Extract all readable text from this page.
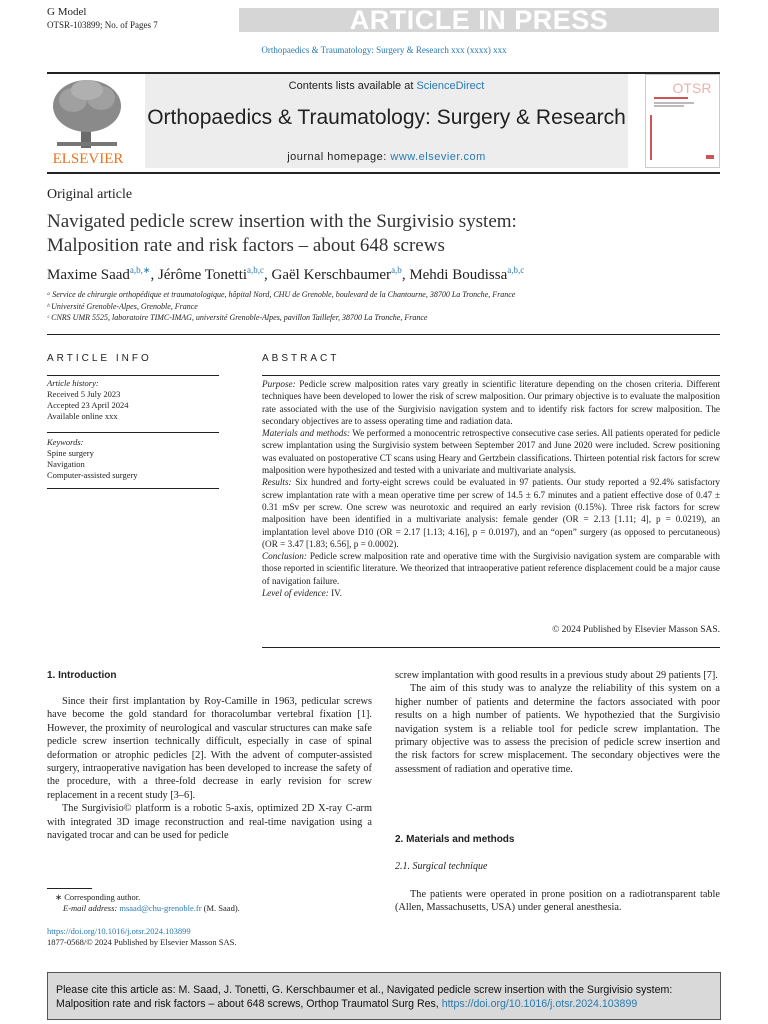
G Model
OTSR-103899; No. of Pages 7	ARTICLE IN PRESS
Orthopaedics & Traumatology: Surgery & Research xxx (xxxx) xxx
ELSEVIER
Contents lists available at ScienceDirect
Orthopaedics & Traumatology: Surgery & Research
journal homepage: www.elsevier.com
OTSR
Original article
Navigated pedicle screw insertion with the Surgivisio system:
Malposition rate and risk factors – about 648 screws
Maxime Saad$^{a,b,∗}$, Jérôme Tonetti$^{a,b,c}$, Gaël Kerschbaumer$^{a,b}$, Mehdi Boudissa$^{a,b,c}$
ᵃ Service de chirurgie orthopédique et traumatologique, hôpital Nord, CHU de Grenoble, boulevard de la Chantourne, 38700 La Tronche, France
ᵇ Université Grenoble-Alpes, Grenoble, France
ᶜ CNRS UMR 5525, laboratoire TIMC-IMAG, université Grenoble-Alpes, pavillon Taillefer, 38700 La Tronche, France
ARTICLE INFO	ABSTRACT
Article history:
Received 5 July 2023
Accepted 23 April 2024
Available online xxx
Keywords:
Spine surgery
Navigation
Computer-assisted surgery

Purpose: Pedicle screw malposition rates vary greatly in scientific literature depending on the chosen criteria. Different techniques have been developed to lower the risk of screw malposition. Our primary objective is to evaluate the malposition rate associated with the use of the Surgivisio navigation system and to identify risk factors for screw malposition. The secondary objectives are to assess operating time and radiation data.

Materials and methods: We performed a monocentric retrospective consecutive case series. All patients operated for pedicle screw implantation using the Surgivisio system between September 2017 and June 2020 were included. Screw positioning was evaluated on postoperative CT scans using Heary and Gertzbein classifications. Thirteen potential risk factors for screw malposition were hypothesized and tested with a univariate and multivariate analysis.

Results: Six hundred and forty-eight screws could be evaluated in 97 patients. Our study reported a 92.4% satisfactory screw implantation rate with a mean operative time per screw of 14.5 ± 6.7 minutes and a patient effective dose of 0.47 ± 0.31 mSv per screw. One screw was neurotoxic and required an early revision (0.15%). Three risk factors for screw malposition have been identified in a multivariate analysis: female gender (OR = 2.13 [1.11; 4], p = 0.0219), an implantation level above D10 (OR = 2.17 [1.13; 4.16], p = 0.0197), and an “open” surgery (as opposed to percutaneous) (OR = 3.47 [1.83; 6.56], p = 0.0002).

Conclusion: Pedicle screw malposition rate and operative time with the Surgivisio navigation system are comparable with those reported in scientific literature. We theorized that intraoperative patient reference displacement could be a major cause of navigation failure.

Level of evidence: IV.

© 2024 Published by Elsevier Masson SAS.
1. Introduction

Since their first implantation by Roy-Camille in 1963, pedicular screws have become the gold standard for thoracolumbar vertebral fixation [1]. However, the proximity of neurological and vascular structures can make safe pedicle screw insertion technically difficult, especially in case of spinal deformation or atrophic pedicles [2]. With the advent of computer-assisted surgery, intraoperative navigation has been developed to increase the safety of the procedure, with a three-fold decrease in early revision for screw replacement in a recent study [3–6].

The Surgivisio© platform is a robotic 5-axis, optimized 2D X-ray C-arm with integrated 3D image reconstruction and real-time navigation using a navigated trocar and can be used for pedicle

screw implantation with good results in a previous study about 29 patients [7].

The aim of this study was to analyze the reliability of this system on a higher number of patients and determine the factors associated with poor results on a high number of patients. We hypothezied that the Surgivisio navigation system is a reliable tool for pedicle screw implantation. The primary objective was to assess the precision of pedicle screw insertion and the risk factors for screw misplacement. The secondary objectives were the assessment of radiation and operative time.

2. Materials and methods
2.1. Surgical technique

The patients were operated in prone position on a radiotransparent table (Allen, Massachusetts, USA) under general anesthesia.

∗ Corresponding author.
E-mail address: msaad@chu-grenoble.fr (M. Saad).
https://doi.org/10.1016/j.otsr.2024.103899
1877-0568/© 2024 Published by Elsevier Masson SAS.
Please cite this article as: M. Saad, J. Tonetti, G. Kerschbaumer et al., Navigated pedicle screw insertion with the Surgivisio system: Malposition rate and risk factors – about 648 screws, Orthop Traumatol Surg Res, https://doi.org/10.1016/j.otsr.2024.103899
